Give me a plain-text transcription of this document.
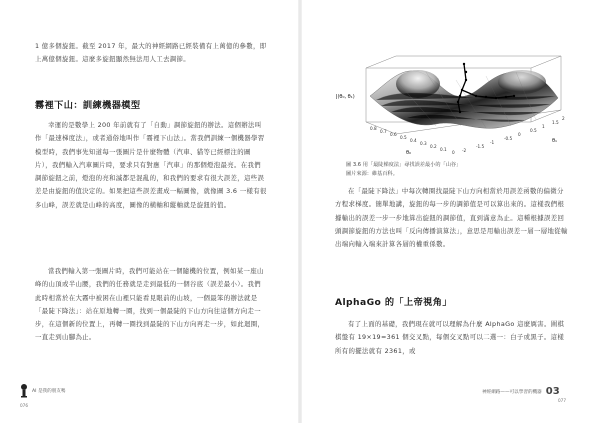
1 億多個旋鈕。截至 2017 年，最大的神經網路已經裝備有上萬億的參數，即上萬億個旋鈕。這麼多旋鈕顯然無法用人工去調節。

霧裡下山：訓練機器模型

幸運的是數學上 200 年前就有了「自動」調節旋鈕的辦法。這個辦法叫作「最速梯度法」，或者通俗地叫作「霧裡下山法」。當我們訓練一個機器學習模型時，我們事先知道每一張圖片是什麼物體（汽車、貓等已經標注的圖片），我們輸入汽車圖片時，要求只有對應「汽車」的那個燈泡最亮。在我們調節旋鈕之前，燈泡的亮和滅都是混亂的，和我們的要求有很大誤差，這些誤差是由旋鈕的值決定的。如果把這些誤差畫成一幅圖像，就像圖 3.6 一樣有很多山峰，誤差就是山峰的高度，圖像的橫軸和縱軸就是旋鈕的值。

當我們輸入第一張圖片時，我們可能站在一個隨機的位置，例如某一座山峰的山頂或半山腰，我們的任務就是走到最低的一個谷底（誤差最小）。我們此時相當於在大霧中被困在山裡只能看見眼前的山坡，一個最笨的辦法就是「最陡下降法」：站在原地轉一圈，找到一個最陡的下山方向往這個方向走一步，在這個新的位置上，再轉一圈找到最陡的下山方向再走一步，如此迴圈，一直走到山腳為止。

J(θ₀, θ₁)
0.8
0.7
0.6
0.5
0.4
0.3
0.2
0.1
0
θ₀	-2
-1.5
-1
-0.5
0
0.5
1
1.5
2
θ₁
圖 3.6 用「最陡梯度法」尋找誤差最小的「山谷」
圖片來源：維基百科。

在「最陡下降法」中每次轉圈找最陡下山方向相當於用誤差函數的偏微分方程求梯度。簡單地講，旋鈕的每一步的調節值是可以算出來的。這樣我們根據輸出的誤差一步一步地算出旋鈕的調節值，直到滿意為止。這種根據誤差回頭調節旋鈕的方法也叫「反向傳播演算法」，意思是用輸出誤差一層一層地從輸出端向輸入端來計算各層的權重係數。

AlphaGo 的「上帝視角」

有了上面的基礎，我們現在就可以理解為什麼 AlphaGo 這麼厲害。圍棋棋盤有 19×19=361 個交叉點，每個交叉點可以二選一：白子或黑子。這樣所有的擺法就有 2361，或

AI 是我的朋友嗎
076
神經網路——可以學習的機器 03
077
